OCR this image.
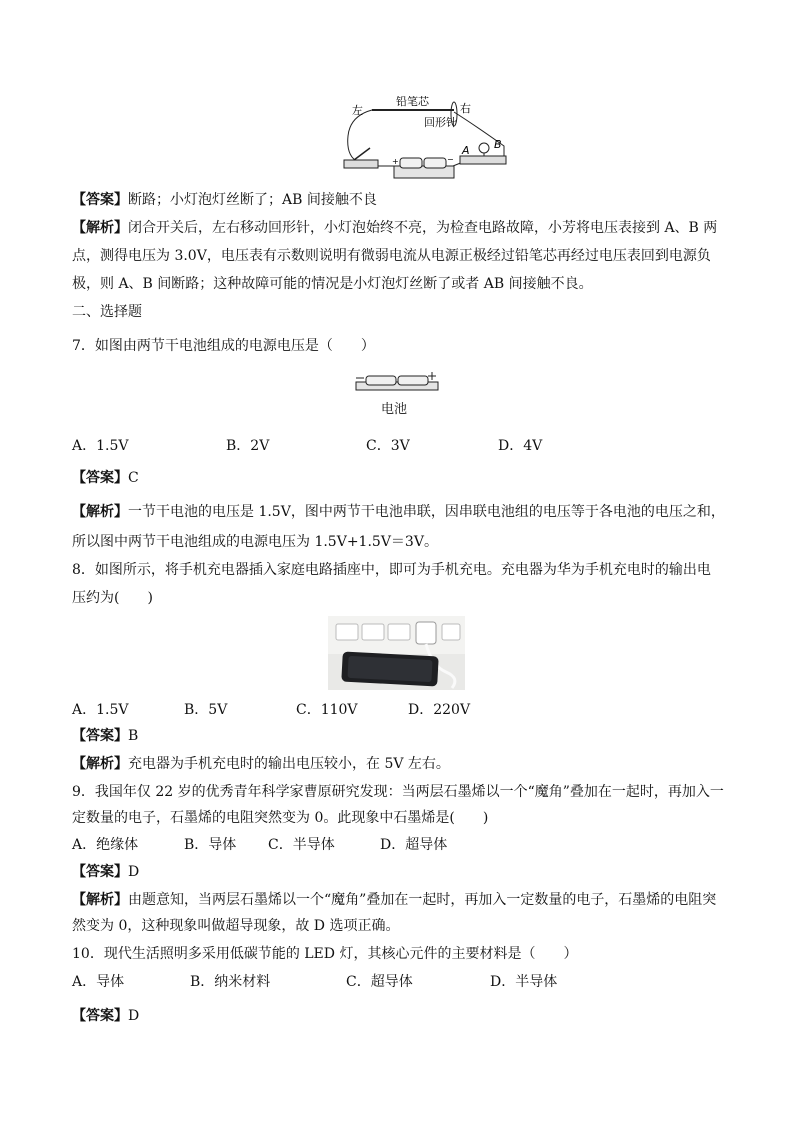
+	−
左
铅笔芯
右
回形针
A B
【答案】断路；小灯泡灯丝断了；AB 间接触不良
【解析】闭合开关后，左右移动回形针，小灯泡始终不亮，为检查电路故障，小芳将电压表接到 A、B 两
点，测得电压为 3.0V，电压表有示数则说明有微弱电流从电源正极经过铅笔芯再经过电压表回到电源负
极，则 A、B 间断路；这种故障可能的情况是小灯泡灯丝断了或者 AB 间接触不良。
二、选择题
7．如图由两节干电池组成的电源电压是（　　）
电池
A．1.5V	B．2V	C．3V	D．4V
【答案】C
【解析】一节干电池的电压是 1.5V，图中两节干电池串联，因串联电池组的电压等于各电池的电压之和，
所以图中两节干电池组成的电源电压为 1.5V+1.5V＝3V。
8．如图所示，将手机充电器插入家庭电路插座中，即可为手机充电。充电器为华为手机充电时的输出电
压约为(　　)
A．1.5V	B．5V	C．110V	D．220V
【答案】B
【解析】充电器为手机充电时的输出电压较小，在 5V 左右。
9．我国年仅 22 岁的优秀青年科学家曹原研究发现：当两层石墨烯以一个“魔角”叠加在一起时，再加入一
定数量的电子，石墨烯的电阻突然变为 0。此现象中石墨烯是(　　)
A．绝缘体	B．导体 C．半导体	D．超导体
【答案】D
【解析】由题意知，当两层石墨烯以一个“魔角”叠加在一起时，再加入一定数量的电子，石墨烯的电阻突
然变为 0，这种现象叫做超导现象，故 D 选项正确。
10．现代生活照明多采用低碳节能的 LED 灯，其核心元件的主要材料是（　　）
A．导体	B．纳米材料	C．超导体	D．半导体
【答案】D
